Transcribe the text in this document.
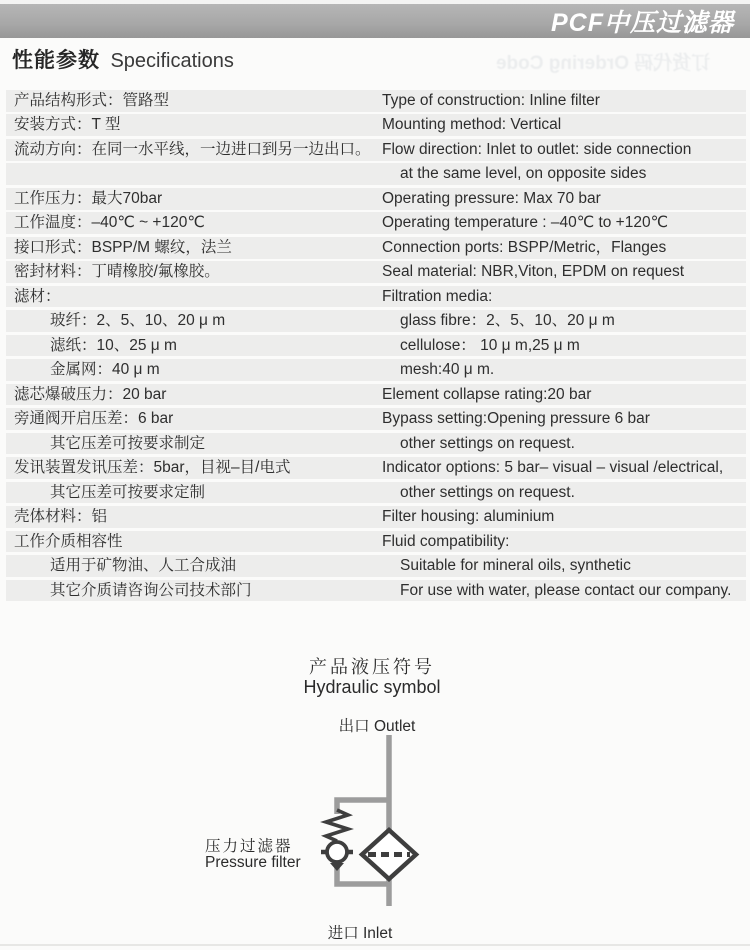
PCF中压过滤器
订货代码 Ordering Code
性能参数 Specifications
产品结构形式：管路型	Type of construction: Inline filter
安装方式：T 型	Mounting method: Vertical
流动方向：在同一水平线，一边进口到另一边出口。 Flow direction: Inlet to outlet: side connection
at the same level, on opposite sides
工作压力：最大70bar	Operating pressure: Max 70 bar
工作温度：–40℃ ~ +120℃	Operating temperature : –40℃ to +120℃
接口形式：BSPP/M 螺纹，法兰	Connection ports: BSPP/Metric，Flanges
密封材料：丁晴橡胶/氟橡胶。	Seal material: NBR,Viton, EPDM on request
滤材：	Filtration media:
玻纤：2、5、10、20 μ m	glass fibre：2、5、10、20 μ m
滤纸：10、25 μ m	cellulose： 10 μ m,25 μ m
金属网：40 μ m	mesh:40 μ m.
滤芯爆破压力：20 bar	Element collapse rating:20 bar
旁通阀开启压差：6 bar	Bypass setting:Opening pressure 6 bar
其它压差可按要求制定	other settings on request.
发讯装置发讯压差：5bar，目视–目/电式	Indicator options: 5 bar– visual – visual /electrical,
其它压差可按要求定制	other settings on request.
壳体材料：铝	Filter housing: aluminium
工作介质相容性	Fluid compatibility:
适用于矿物油、人工合成油	Suitable for mineral oils, synthetic
其它介质请咨询公司技术部门	For use with water, please contact our company.
产品液压符号
Hydraulic symbol
出口 Outlet
压力过滤器
Pressure filter
进口 Inlet
